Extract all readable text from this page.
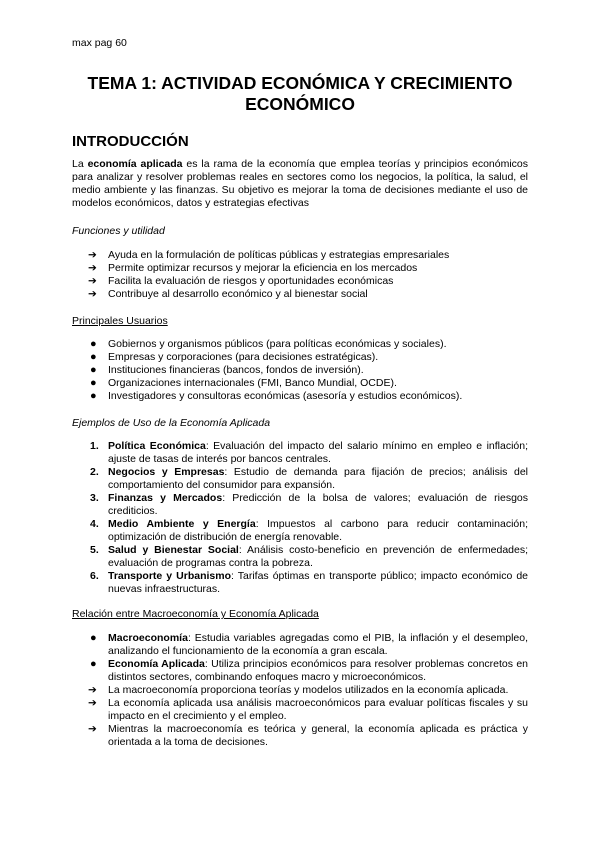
max pag 60
TEMA 1: ACTIVIDAD ECONÓMICA Y CRECIMIENTO ECONÓMICO
INTRODUCCIÓN

La economía aplicada es la rama de la economía que emplea teorías y principios económicos para analizar y resolver problemas reales en sectores como los negocios, la política, la salud, el medio ambiente y las finanzas. Su objetivo es mejorar la toma de decisiones mediante el uso de modelos económicos, datos y estrategias efectivas

Funciones y utilidad

➔	Ayuda en la formulación de políticas públicas y estrategias empresariales
➔	Permite optimizar recursos y mejorar la eficiencia en los mercados
➔	Facilita la evaluación de riesgos y oportunidades económicas
➔	Contribuye al desarrollo económico y al bienestar social

Principales Usuarios

●	Gobiernos y organismos públicos (para políticas económicas y sociales).
●	Empresas y corporaciones (para decisiones estratégicas).
●	Instituciones financieras (bancos, fondos de inversión).
●	Organizaciones internacionales (FMI, Banco Mundial, OCDE).
●	Investigadores y consultoras económicas (asesoría y estudios económicos).

Ejemplos de Uso de la Economía Aplicada

1. Política Económica: Evaluación del impacto del salario mínimo en empleo e inflación; ajuste de tasas de interés por bancos centrales.
2. Negocios y Empresas: Estudio de demanda para fijación de precios; análisis del comportamiento del consumidor para expansión.
3. Finanzas y Mercados: Predicción de la bolsa de valores; evaluación de riesgos crediticios.
4. Medio Ambiente y Energía: Impuestos al carbono para reducir contaminación; optimización de distribución de energía renovable.
5. Salud y Bienestar Social: Análisis costo-beneficio en prevención de enfermedades; evaluación de programas contra la pobreza.
6. Transporte y Urbanismo: Tarifas óptimas en transporte público; impacto económico de nuevas infraestructuras.

Relación entre Macroeconomía y Economía Aplicada

●	Macroeconomía: Estudia variables agregadas como el PIB, la inflación y el desempleo, analizando el funcionamiento de la economía a gran escala.
●	Economía Aplicada: Utiliza principios económicos para resolver problemas concretos en distintos sectores, combinando enfoques macro y microeconómicos.
➔	La macroeconomía proporciona teorías y modelos utilizados en la economía aplicada.
➔	La economía aplicada usa análisis macroeconómicos para evaluar políticas fiscales y su impacto en el crecimiento y el empleo.
➔	Mientras la macroeconomía es teórica y general, la economía aplicada es práctica y orientada a la toma de decisiones.
